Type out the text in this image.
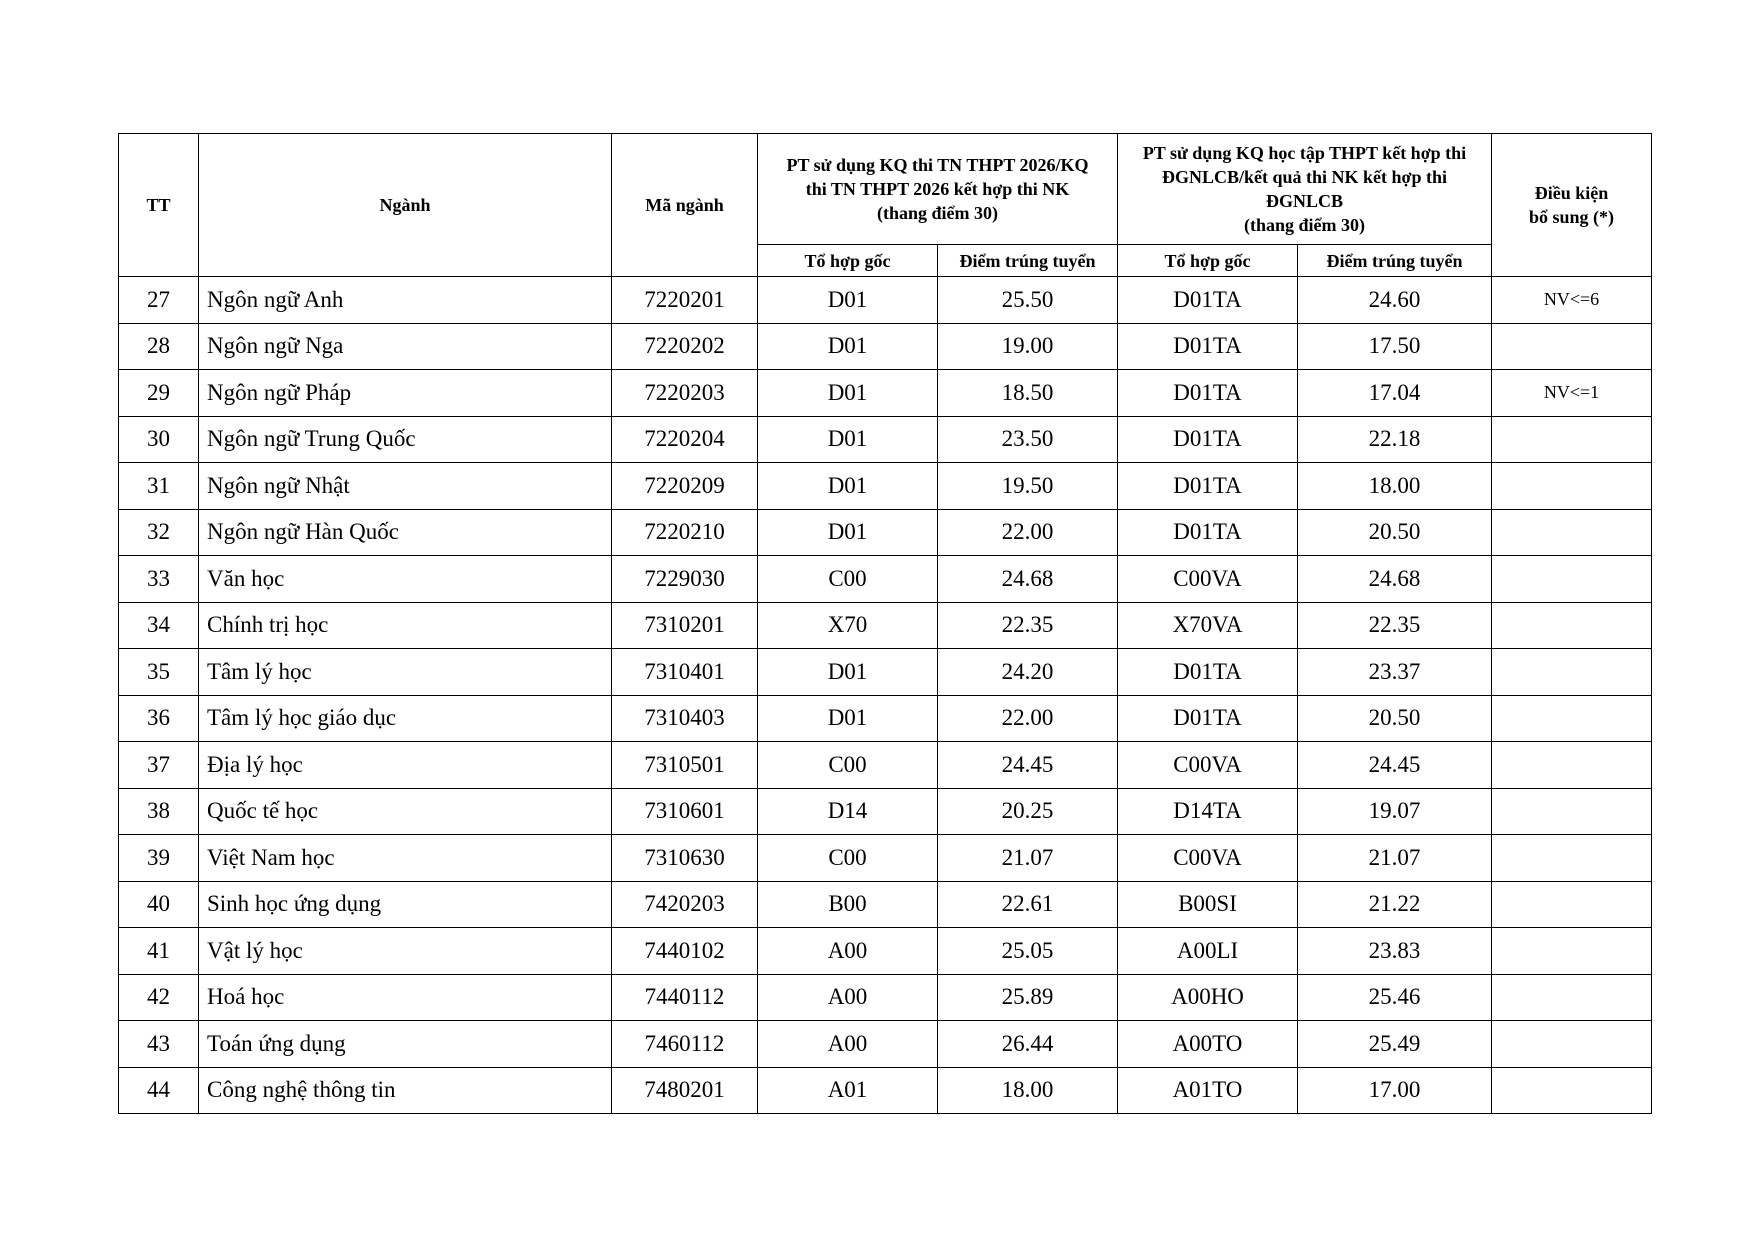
TT	Ngành	Mã ngành	PT sử dụng KQ thi TN THPT 2026/KQ
thi TN THPT 2026 kết hợp thi NK
(thang điểm 30)		PT sử dụng KQ học tập THPT kết hợp thi
ĐGNLCB/kết quả thi NK kết hợp thi
ĐGNLCB
(thang điểm 30)		Điều kiện
bổ sung (*)
			Tổ hợp gốc	Điểm trúng tuyển	Tổ hợp gốc	Điểm trúng tuyển	
27	Ngôn ngữ Anh	7220201	D01	25.50	D01TA	24.60	NV<=6
28	Ngôn ngữ Nga	7220202	D01	19.00	D01TA	17.50	
29	Ngôn ngữ Pháp	7220203	D01	18.50	D01TA	17.04	NV<=1
30	Ngôn ngữ Trung Quốc	7220204	D01	23.50	D01TA	22.18	
31	Ngôn ngữ Nhật	7220209	D01	19.50	D01TA	18.00	
32	Ngôn ngữ Hàn Quốc	7220210	D01	22.00	D01TA	20.50	
33	Văn học	7229030	C00	24.68	C00VA	24.68	
34	Chính trị học	7310201	X70	22.35	X70VA	22.35	
35	Tâm lý học	7310401	D01	24.20	D01TA	23.37	
36	Tâm lý học giáo dục	7310403	D01	22.00	D01TA	20.50	
37	Địa lý học	7310501	C00	24.45	C00VA	24.45	
38	Quốc tế học	7310601	D14	20.25	D14TA	19.07	
39	Việt Nam học	7310630	C00	21.07	C00VA	21.07	
40	Sinh học ứng dụng	7420203	B00	22.61	B00SI	21.22	
41	Vật lý học	7440102	A00	25.05	A00LI	23.83	
42	Hoá học	7440112	A00	25.89	A00HO	25.46	
43	Toán ứng dụng	7460112	A00	26.44	A00TO	25.49	
44	Công nghệ thông tin	7480201	A01	18.00	A01TO	17.00	
